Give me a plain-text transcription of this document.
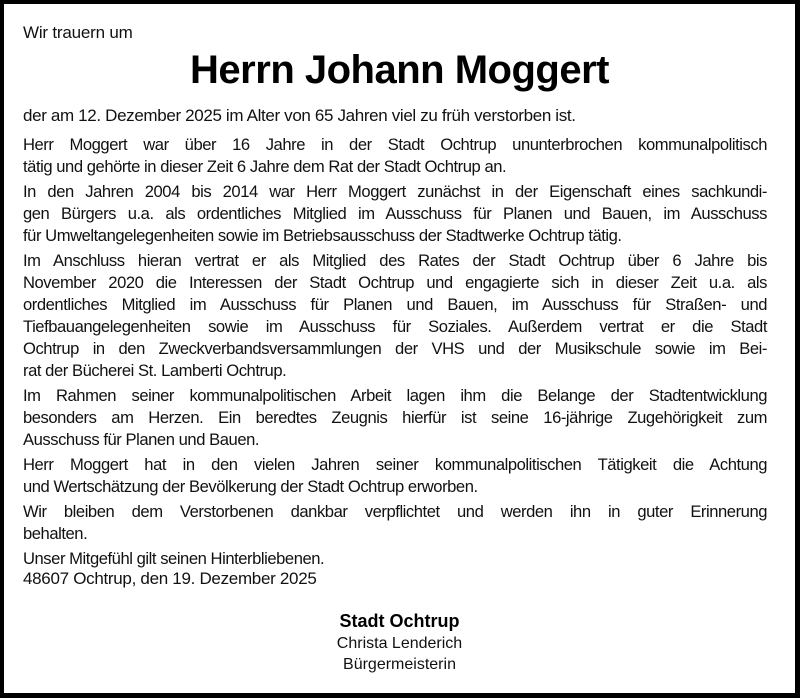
Wir trauern um
Herrn Johann Moggert
der am 12. Dezember 2025 im Alter von 65 Jahren viel zu früh verstorben ist.
Herr Moggert war über 16 Jahre in der Stadt Ochtrup ununterbrochen kommunalpolitisch
tätig und gehörte in dieser Zeit 6 Jahre dem Rat der Stadt Ochtrup an.
In den Jahren 2004 bis 2014 war Herr Moggert zunächst in der Eigenschaft eines sachkundi-
gen Bürgers u.a. als ordentliches Mitglied im Ausschuss für Planen und Bauen, im Ausschuss
für Umweltangelegenheiten sowie im Betriebsausschuss der Stadtwerke Ochtrup tätig.
Im Anschluss hieran vertrat er als Mitglied des Rates der Stadt Ochtrup über 6 Jahre bis
November 2020 die Interessen der Stadt Ochtrup und engagierte sich in dieser Zeit u.a. als
ordentliches Mitglied im Ausschuss für Planen und Bauen, im Ausschuss für Straßen- und
Tiefbauangelegenheiten sowie im Ausschuss für Soziales. Außerdem vertrat er die Stadt
Ochtrup in den Zweckverbandsversammlungen der VHS und der Musikschule sowie im Bei-
rat der Bücherei St. Lamberti Ochtrup.
Im Rahmen seiner kommunalpolitischen Arbeit lagen ihm die Belange der Stadtentwicklung
besonders am Herzen. Ein beredtes Zeugnis hierfür ist seine 16-jährige Zugehörigkeit zum
Ausschuss für Planen und Bauen.
Herr Moggert hat in den vielen Jahren seiner kommunalpolitischen Tätigkeit die Achtung
und Wertschätzung der Bevölkerung der Stadt Ochtrup erworben.
Wir bleiben dem Verstorbenen dankbar verpflichtet und werden ihn in guter Erinnerung
behalten.
Unser Mitgefühl gilt seinen Hinterbliebenen.
48607 Ochtrup, den 19. Dezember 2025
Stadt Ochtrup
Christa Lenderich
Bürgermeisterin
